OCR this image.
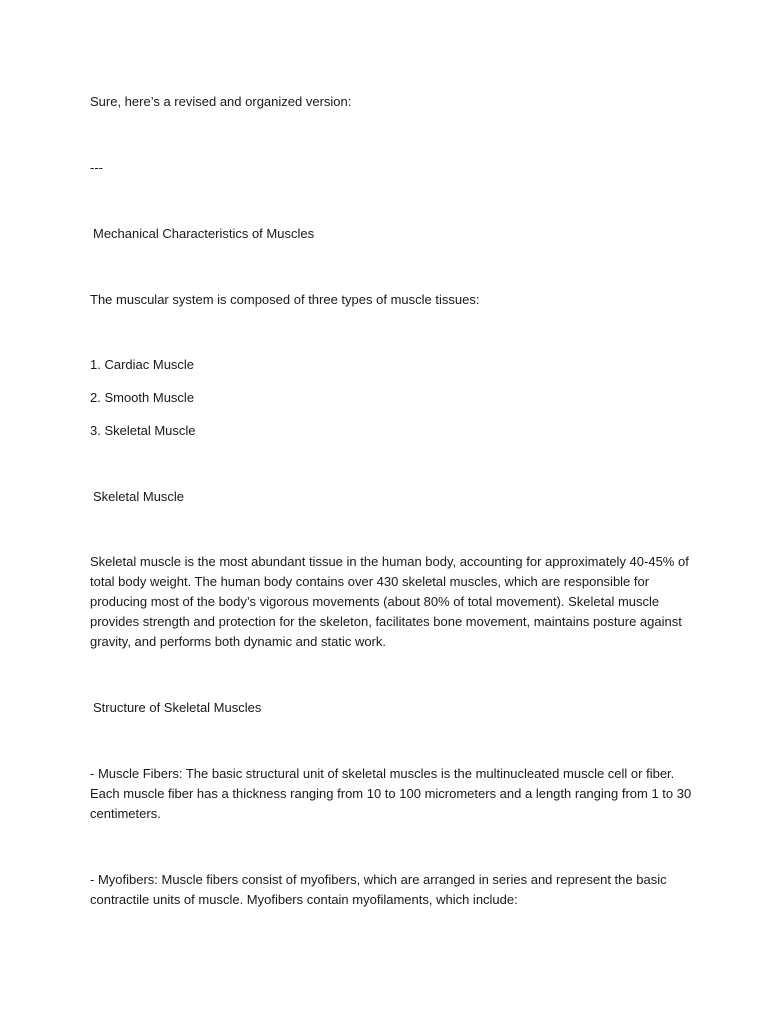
Sure, here’s a revised and organized version:
---
Mechanical Characteristics of Muscles
The muscular system is composed of three types of muscle tissues:
1. Cardiac Muscle
2. Smooth Muscle
3. Skeletal Muscle
Skeletal Muscle
Skeletal muscle is the most abundant tissue in the human body, accounting for approximately 40-45% of
total body weight. The human body contains over 430 skeletal muscles, which are responsible for
producing most of the body’s vigorous movements (about 80% of total movement). Skeletal muscle
provides strength and protection for the skeleton, facilitates bone movement, maintains posture against
gravity, and performs both dynamic and static work.
Structure of Skeletal Muscles
- Muscle Fibers: The basic structural unit of skeletal muscles is the multinucleated muscle cell or fiber.
Each muscle fiber has a thickness ranging from 10 to 100 micrometers and a length ranging from 1 to 30
centimeters.
- Myofibers: Muscle fibers consist of myofibers, which are arranged in series and represent the basic
contractile units of muscle. Myofibers contain myofilaments, which include:
